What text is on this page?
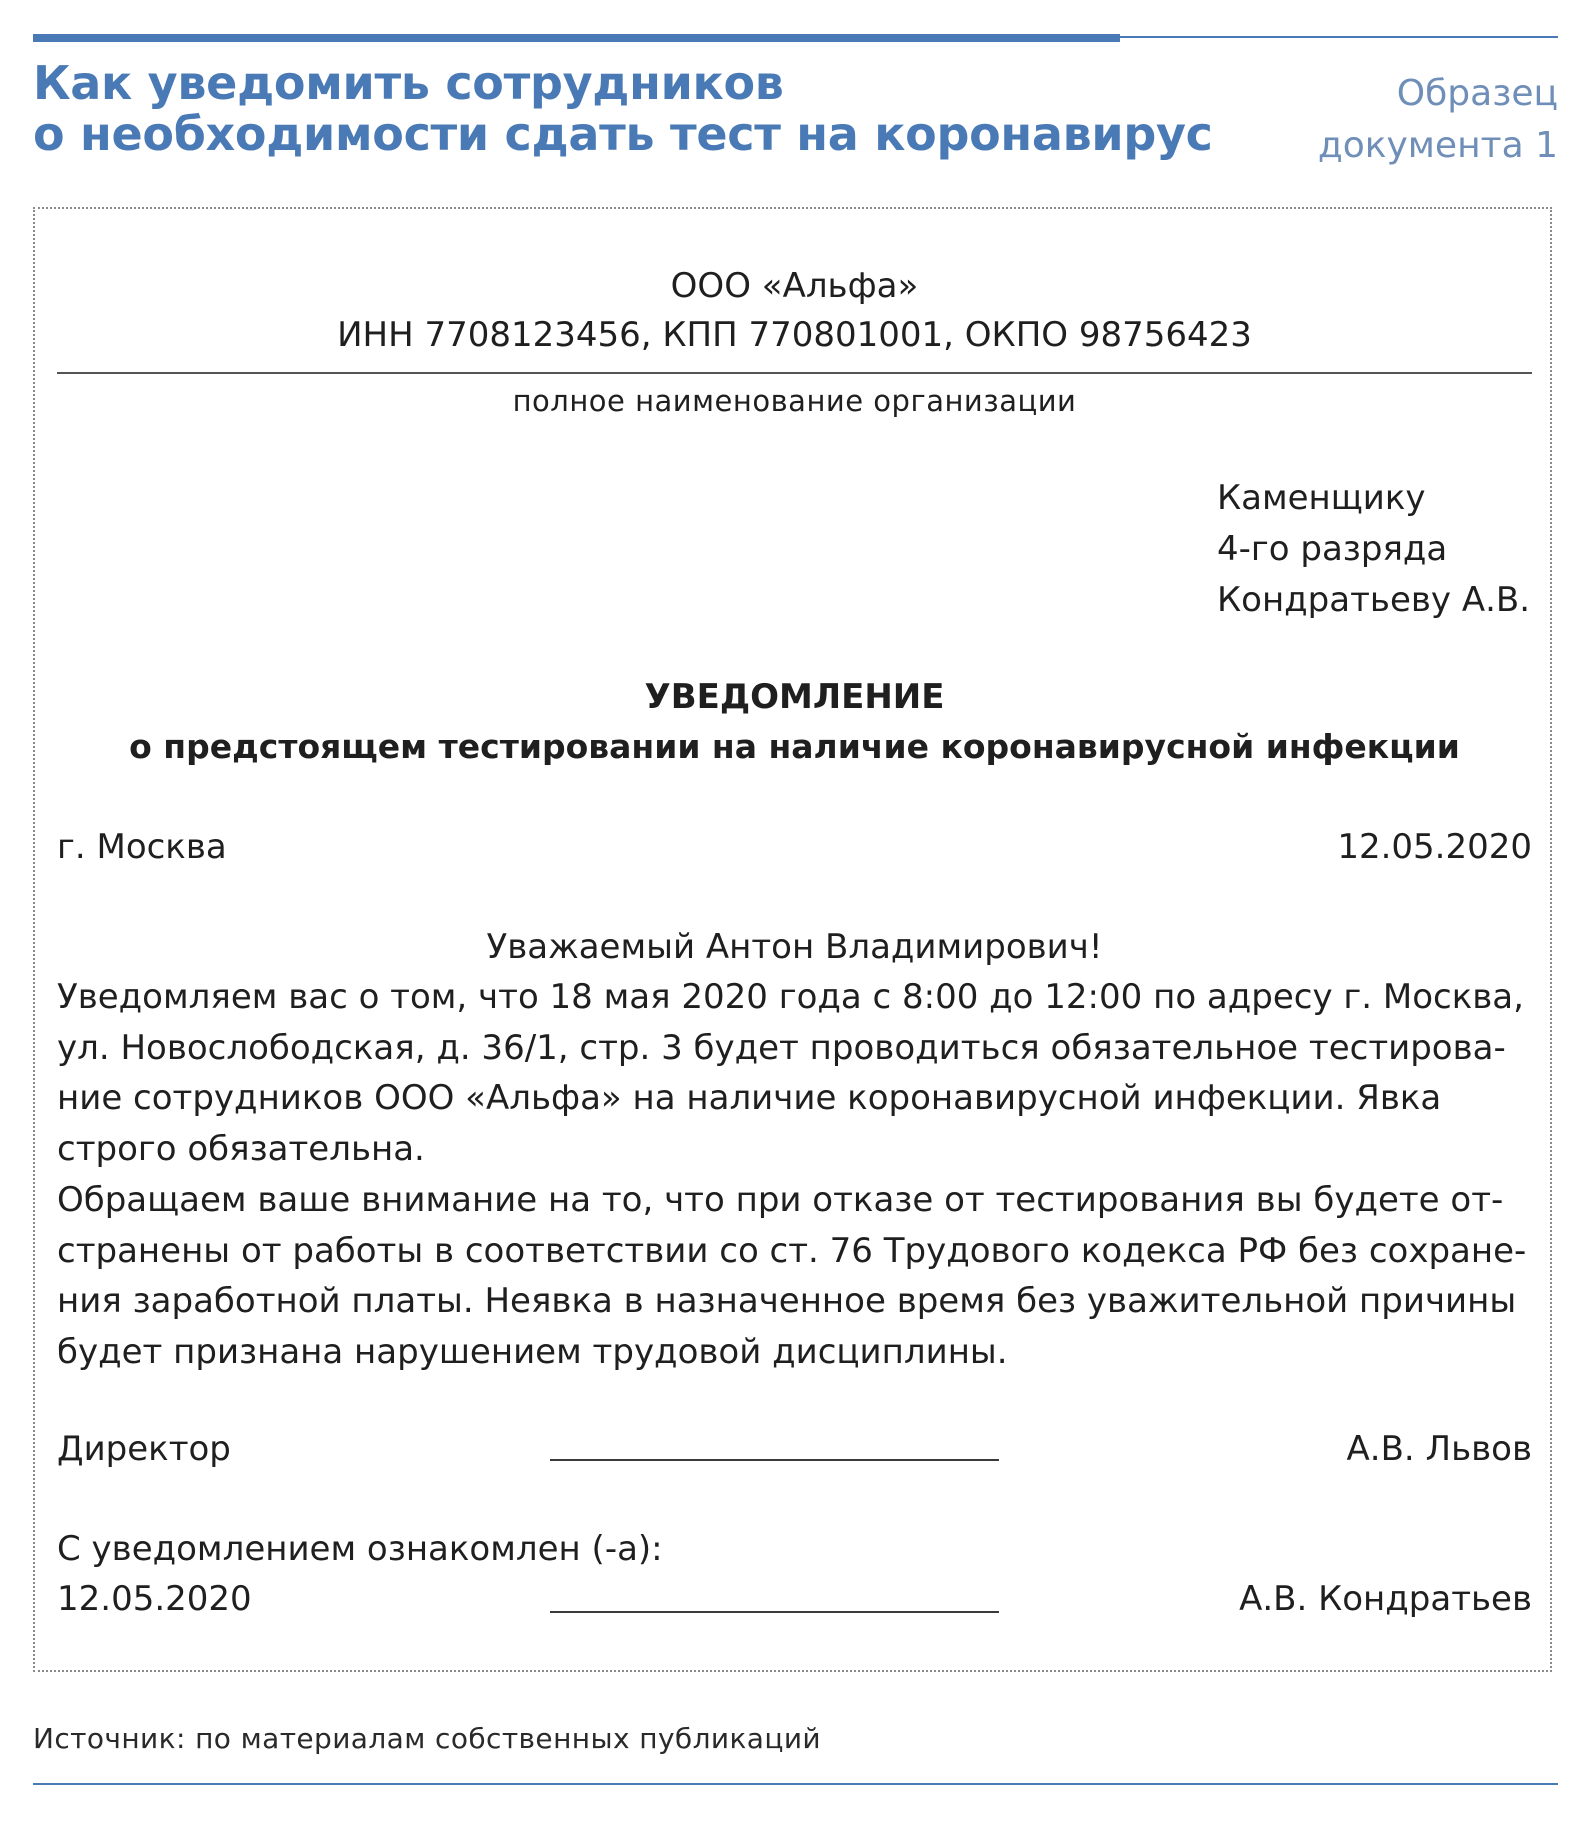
Как уведомить сотрудников
о необходимости сдать тест на коронавирус
Образец
документа 1
ООО «Альфа»
ИНН 7708123456, КПП 770801001, ОКПО 98756423
полное наименование организации
Каменщику
4-го разряда
Кондратьеву А.В.
УВЕДОМЛЕНИЕ
о предстоящем тестировании на наличие коронавирусной инфекции
г. Москва	12.05.2020
Уважаемый Антон Владимирович!
Уведомляем вас о том, что 18 мая 2020 года с 8:00 до 12:00 по адресу г. Москва,
ул. Новослободская, д. 36/1, стр. 3 будет проводиться обязательное тестирова-
ние сотрудников ООО «Альфа» на наличие коронавирусной инфекции. Явка
строго обязательна.
Обращаем ваше внимание на то, что при отказе от тестирования вы будете от-
странены от работы в соответствии со ст. 76 Трудового кодекса РФ без сохране-
ния заработной платы. Неявка в назначенное время без уважительной причины
будет признана нарушением трудовой дисциплины.
Директор	А.В. Львов
С уведомлением ознакомлен (-а):
12.05.2020	А.В. Кондратьев
Источник: по материалам собственных публикаций
